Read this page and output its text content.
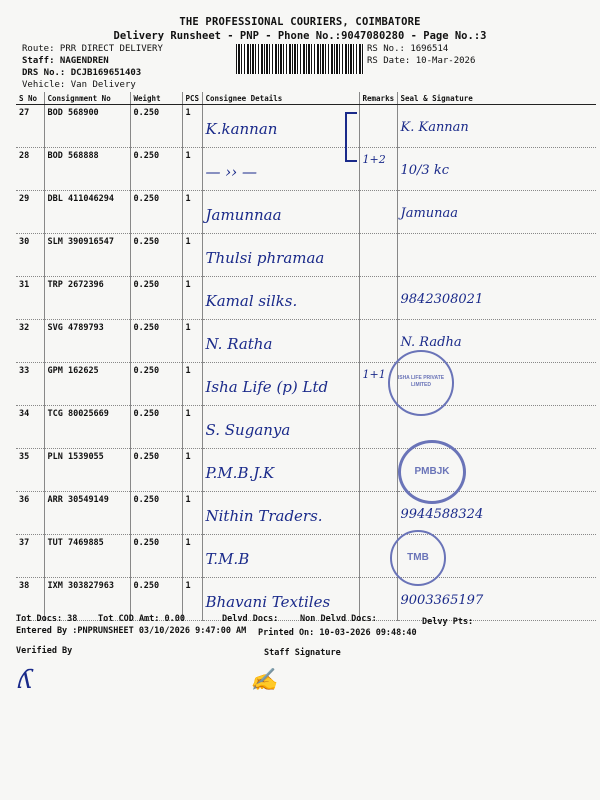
THE PROFESSIONAL COURIERS, COIMBATORE
Delivery Runsheet - PNP - Phone No.:9047080280 - Page No.:3
Route: PRR DIRECT DELIVERY
Staff: NAGENDREN
DRS No.: DCJB169651403
Vehicle: Van Delivery
RS No.: 1696514
RS Date: 10-Mar-2026
S No	Consignment No	Weight	PCS	Consignee Details	Remarks	Seal & Signature
27	BOD 568900	0.250	1	K.kannan		K. Kannan

28	BOD 568888	0.250	1	— ›› —	1+2	10/3 kc

29	DBL 411046294	0.250	1	Jamunnaa		Jamunaa

30	SLM 390916547	0.250	1	Thulsi phramaa		

31	TRP 2672396	0.250	1	Kamal silks.		9842308021

32	SVG 4789793	0.250	1	N. Ratha		N. Radha

33	GPM 162625	0.250	1	Isha Life (p) Ltd	1+1	

34	TCG 80025669	0.250	1	S. Suganya		

35	PLN 1539055	0.250	1	P.M.B.J.K		

36	ARR 30549149	0.250	1	Nithin Traders.		9944588324

37	TUT 7469885	0.250	1	T.M.B		

38	IXM 303827963	0.250	1	Bhavani Textiles		9003365197
ISHA LIFE PRIVATE LIMITED
PMBJK
TMB
✍
ʎ
Tot Docs: 38 Tot COD Amt: 0.00	Delvd Docs:	Non Delvd Docs:	Delvy Pts:
Entered By :PNPRUNSHEET 03/10/2026 9:47:00 AM Printed On: 10-03-2026 09:48:40
Verified By	Staff Signature
